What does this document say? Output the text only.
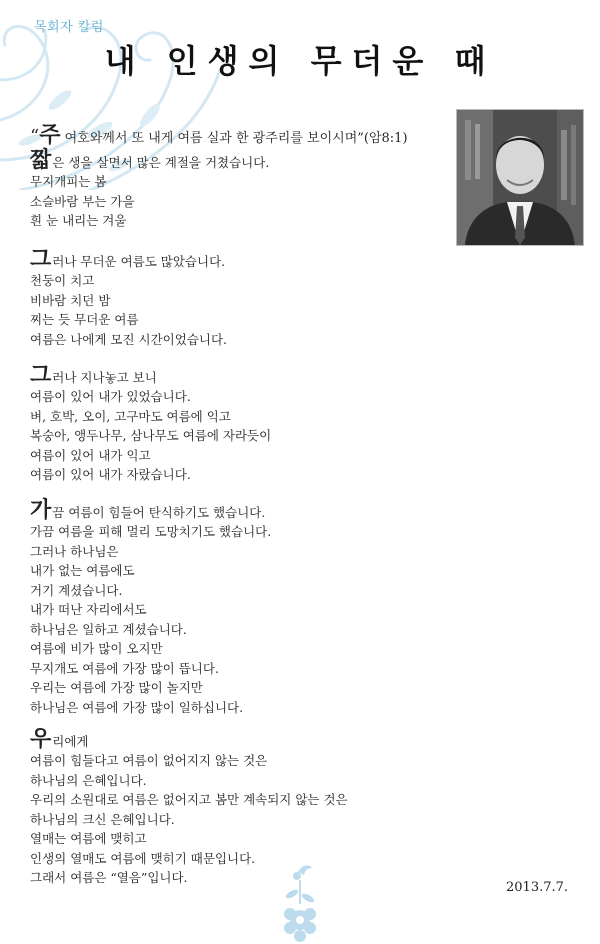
목회자 칼럼
내 인생의 무더운 때
“주 여호와께서 또 내게 여름 실과 한 광주리를 보이시며”(암8:1)
짧은 생을 살면서 많은 계절을 거쳤습니다.
무지개피는 봄
소슬바람 부는 가을
흰 눈 내리는 겨울
그러나 무더운 여름도 많았습니다.
천둥이 치고
비바람 치던 밤
찌는 듯 무더운 여름
여름은 나에게 모진 시간이었습니다.
그러나 지나놓고 보니
여름이 있어 내가 있었습니다.
벼, 호박, 오이, 고구마도 여름에 익고
복숭아, 앵두나무, 삼나무도 여름에 자라듯이
여름이 있어 내가 익고
여름이 있어 내가 자랐습니다.
가끔 여름이 힘들어 탄식하기도 했습니다.
가끔 여름을 피해 멀리 도망치기도 했습니다.
그러나 하나님은
내가 없는 여름에도
거기 계셨습니다.
내가 떠난 자리에서도
하나님은 일하고 계셨습니다.
여름에 비가 많이 오지만
무지개도 여름에 가장 많이 뜹니다.
우리는 여름에 가장 많이 놀지만
하나님은 여름에 가장 많이 일하십니다.
우리에게
여름이 힘들다고 여름이 없어지지 않는 것은
하나님의 은혜입니다.
우리의 소원대로 여름은 없어지고 봄만 계속되지 않는 것은
하나님의 크신 은혜입니다.
열매는 여름에 맺히고
인생의 열매도 여름에 맺히기 때문입니다.
그래서 여름은 “열음”입니다.
2013.7.7.
